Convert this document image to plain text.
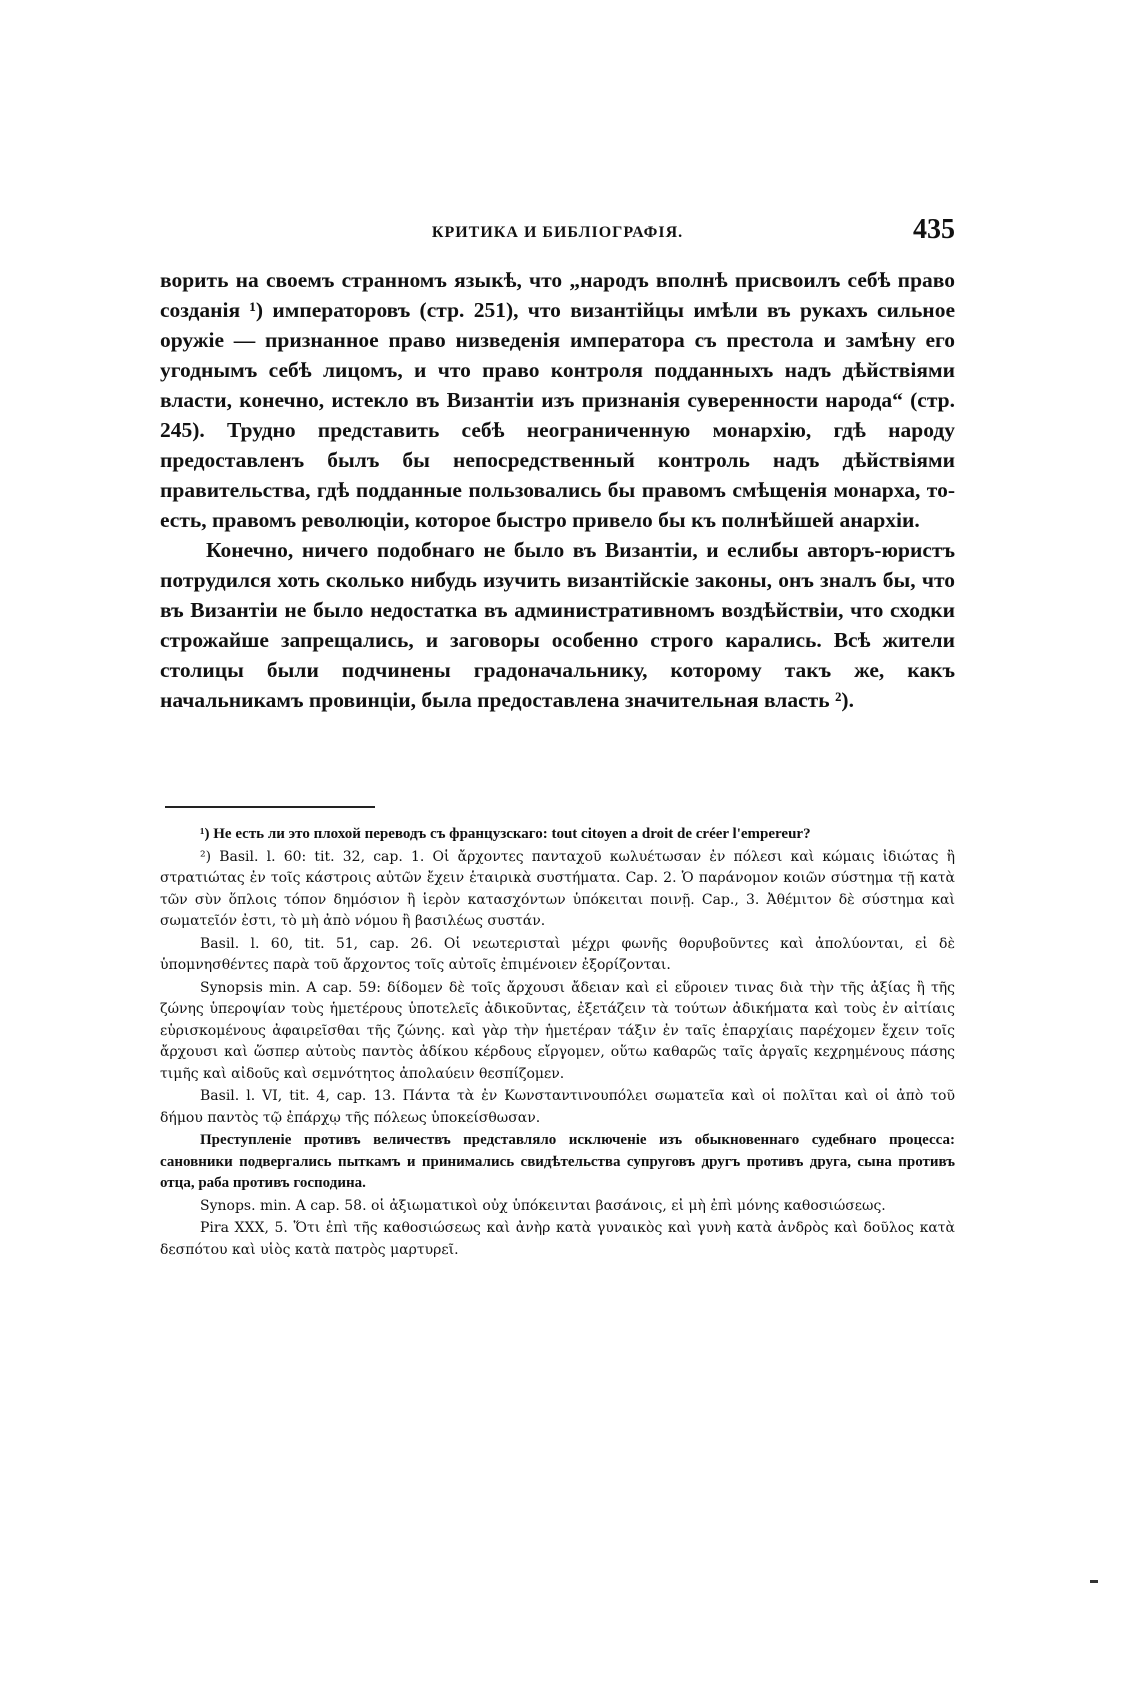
КРИТИКА И БИБЛІОГРАФІЯ.	435

ворить на своемъ странномъ языкѣ, что „народъ вполнѣ присвоилъ себѣ право созданія ¹) императоровъ (стр. 251), что византійцы имѣли въ рукахъ сильное оружіе — признанное право низведенія императора съ престола и замѣну его угоднымъ себѣ лицомъ, и что право контроля подданныхъ надъ дѣйствіями власти, конечно, истекло въ Византіи изъ признанія суверенности народа“ (стр. 245). Трудно представить себѣ неограниченную монархію, гдѣ народу предоставленъ былъ бы непосредственный контроль надъ дѣйствіями правительства, гдѣ подданные пользовались бы правомъ смѣщенія монарха, то-есть, правомъ революціи, которое быстро привело бы къ полнѣйшей анархіи.

Конечно, ничего подобнаго не было въ Византіи, и еслибы авторъ-юристъ потрудился хоть сколько нибудь изучить византійскіе законы, онъ зналъ бы, что въ Византіи не было недостатка въ административномъ воздѣйствіи, что сходки строжайше запрещались, и заговоры особенно строго карались. Всѣ жители столицы были подчинены градоначальнику, которому такъ же, какъ начальникамъ провинціи, была предоставлена значительная власть ²).

¹) Не есть ли это плохой переводъ съ французскаго: tout citoyen a droit de créer l'empereur?

²) Basil. l. 60: tit. 32, cap. 1. Οἱ ἄρχοντες πανταχοῦ κωλυέτωσαν ἐν πόλεσι καὶ κώμαις ἰδιώτας ἢ στρατιώτας ἐν τοῖς κάστροις αὐτῶν ἔχειν ἑταιρικὰ συστήματα. Cap. 2. Ὁ παράνομον κοιῶν σύστημα τῇ κατὰ τῶν σὺν ὅπλοις τόπον δημόσιον ἢ ἱερὸν κατασχόντων ὑπόκειται ποινῇ. Cap., 3. Ἀθέμιτον δὲ σύστημα καὶ σωματεῖόν ἐστι, τὸ μὴ ἀπὸ νόμου ἢ βασιλέως συστάν.

Basil. l. 60, tit. 51, cap. 26. Οἱ νεωτερισταὶ μέχρι φωνῆς θορυβοῦντες καὶ ἀπολύονται, εἰ δὲ ὑπομνησθέντες παρὰ τοῦ ἄρχοντος τοῖς αὐτοῖς ἐπιμένοιεν ἐξορίζονται.

Synopsis min. A cap. 59: δίδομεν δὲ τοῖς ἄρχουσι ἄδειαν καὶ εἰ εὕροιεν τινας διὰ τὴν τῆς ἀξίας ἢ τῆς ζώνης ὑπεροψίαν τοὺς ἡμετέρους ὑποτελεῖς ἀδικοῦντας, ἐξετάζειν τὰ τούτων ἀδικήματα καὶ τοὺς ἐν αἰτίαις εὑρισκομένους ἀφαιρεῖσθαι τῆς ζώνης. καὶ γὰρ τὴν ἡμετέραν τάξιν ἐν ταῖς ἐπαρχίαις παρέχομεν ἔχειν τοῖς ἄρχουσι καὶ ὥσπερ αὐτοὺς παντὸς ἀδίκου κέρδους εἴργομεν, οὕτω καθαρῶς ταῖς ἀργαῖς κεχρημένους πάσης τιμῆς καὶ αἰδοῦς καὶ σεμνότητος ἀπολαύειν θεσπίζομεν.

Basil. l. VI, tit. 4, cap. 13. Πάντα τὰ ἐν Κωνσταντινουπόλει σωματεῖα καὶ οἱ πολῖται καὶ οἱ ἀπὸ τοῦ δήμου παντὸς τῷ ἐπάρχῳ τῆς πόλεως ὑποκείσθωσαν.

Преступленіе противъ величествъ представляло исключеніе изъ обыкновеннаго судебнаго процесса: сановники подвергались пыткамъ и принимались свидѣтельства супруговъ другъ противъ друга, сына противъ отца, раба противъ господина.

Synops. min. A cap. 58. οἱ ἀξιωματικοὶ οὐχ ὑπόκεινται βασάνοις, εἰ μὴ ἐπὶ μόνης καθοσιώσεως.

Pira XXX, 5. Ὅτι ἐπὶ τῆς καθοσιώσεως καὶ ἀνὴρ κατὰ γυναικὸς καὶ γυνὴ κατὰ ἀνδρὸς καὶ δοῦλος κατὰ δεσπότου καὶ υἱὸς κατὰ πατρὸς μαρτυρεῖ.
